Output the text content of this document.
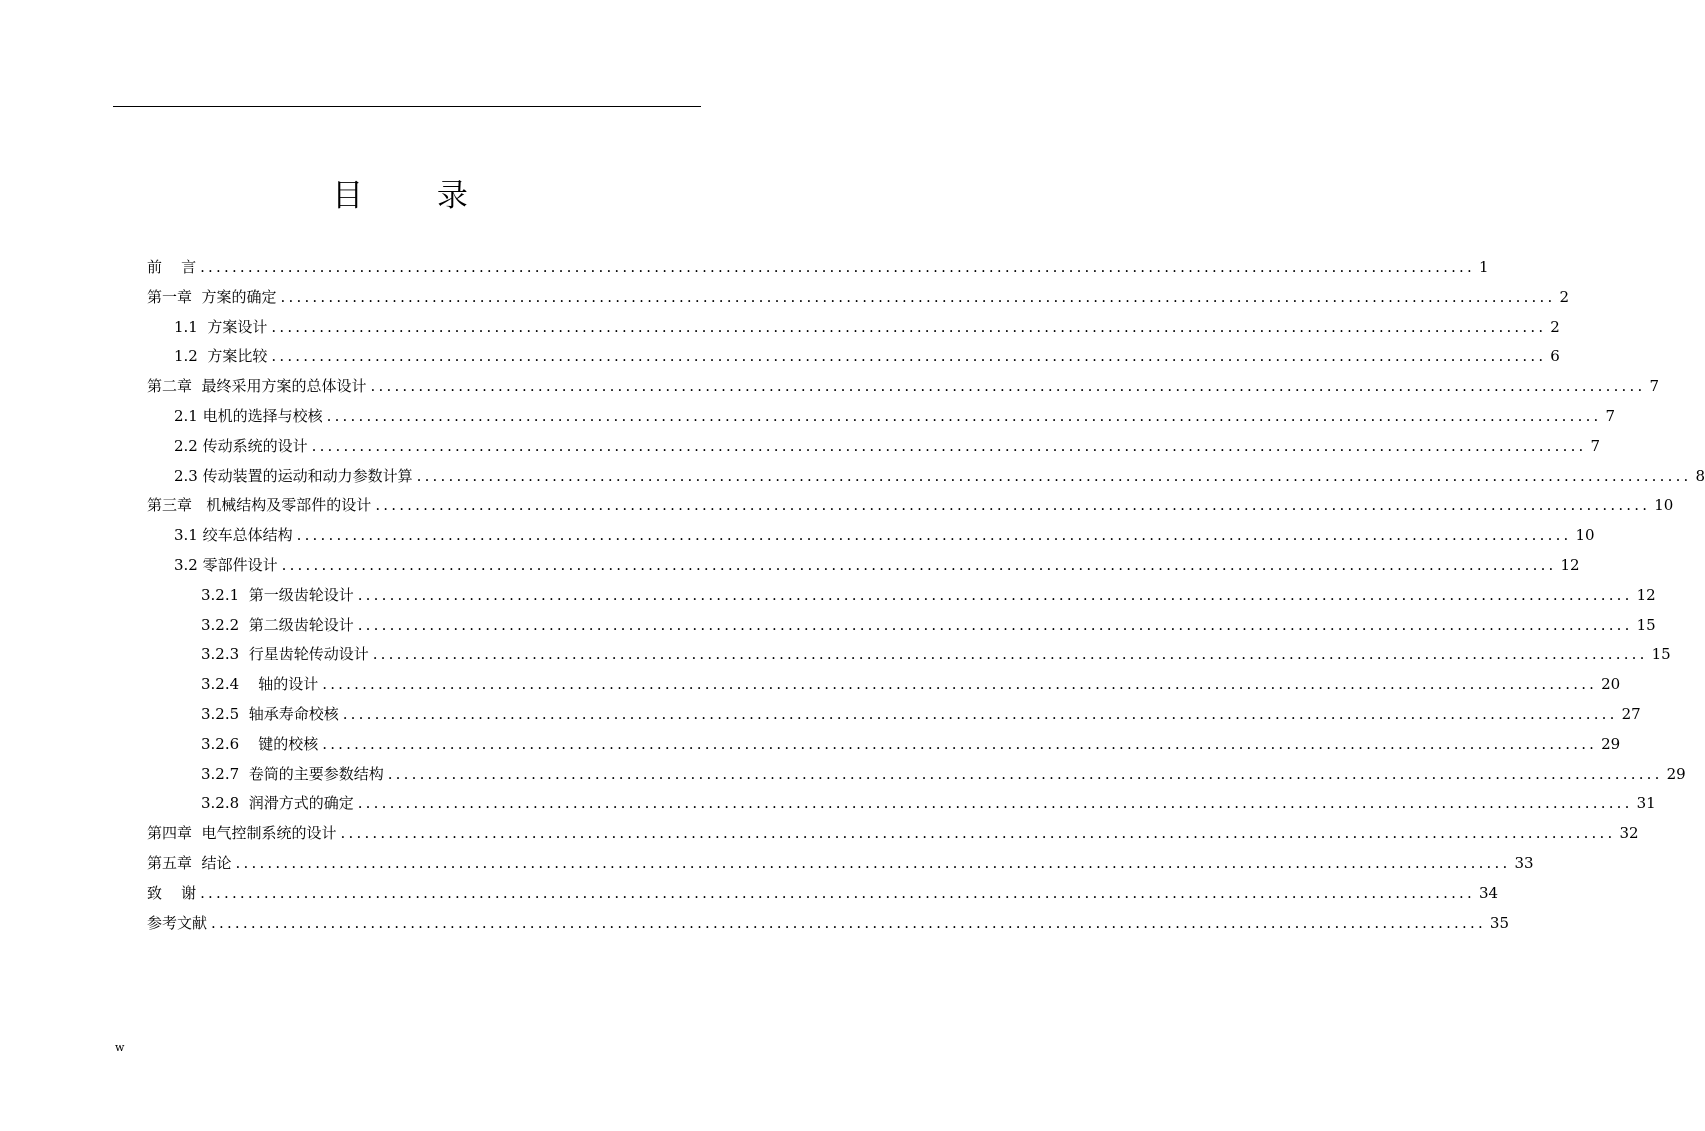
目 录
前    言 ................................................................................................................................................................ 1
第一章  方案的确定 ................................................................................................................................................................ 2
1.1  方案设计 ................................................................................................................................................................ 2
1.2  方案比较 ................................................................................................................................................................ 6
第二章  最终采用方案的总体设计 ................................................................................................................................................................ 7
2.1 电机的选择与校核 ................................................................................................................................................................ 7
2.2 传动系统的设计 ................................................................................................................................................................ 7
2.3 传动装置的运动和动力参数计算 ................................................................................................................................................................ 8
第三章   机械结构及零部件的设计 ................................................................................................................................................................ 10
3.1 绞车总体结构 ................................................................................................................................................................ 10
3.2 零部件设计 ................................................................................................................................................................ 12
3.2.1  第一级齿轮设计 ................................................................................................................................................................ 12
3.2.2  第二级齿轮设计 ................................................................................................................................................................ 15
3.2.3  行星齿轮传动设计 ................................................................................................................................................................ 15
3.2.4    轴的设计 ................................................................................................................................................................ 20
3.2.5  轴承寿命校核 ................................................................................................................................................................ 27
3.2.6    键的校核 ................................................................................................................................................................ 29
3.2.7  卷筒的主要参数结构 ................................................................................................................................................................ 29
3.2.8  润滑方式的确定 ................................................................................................................................................................ 31
第四章  电气控制系统的设计 ................................................................................................................................................................ 32
第五章  结论 ................................................................................................................................................................ 33
致    谢 ................................................................................................................................................................ 34
参考文献 ................................................................................................................................................................ 35
w
